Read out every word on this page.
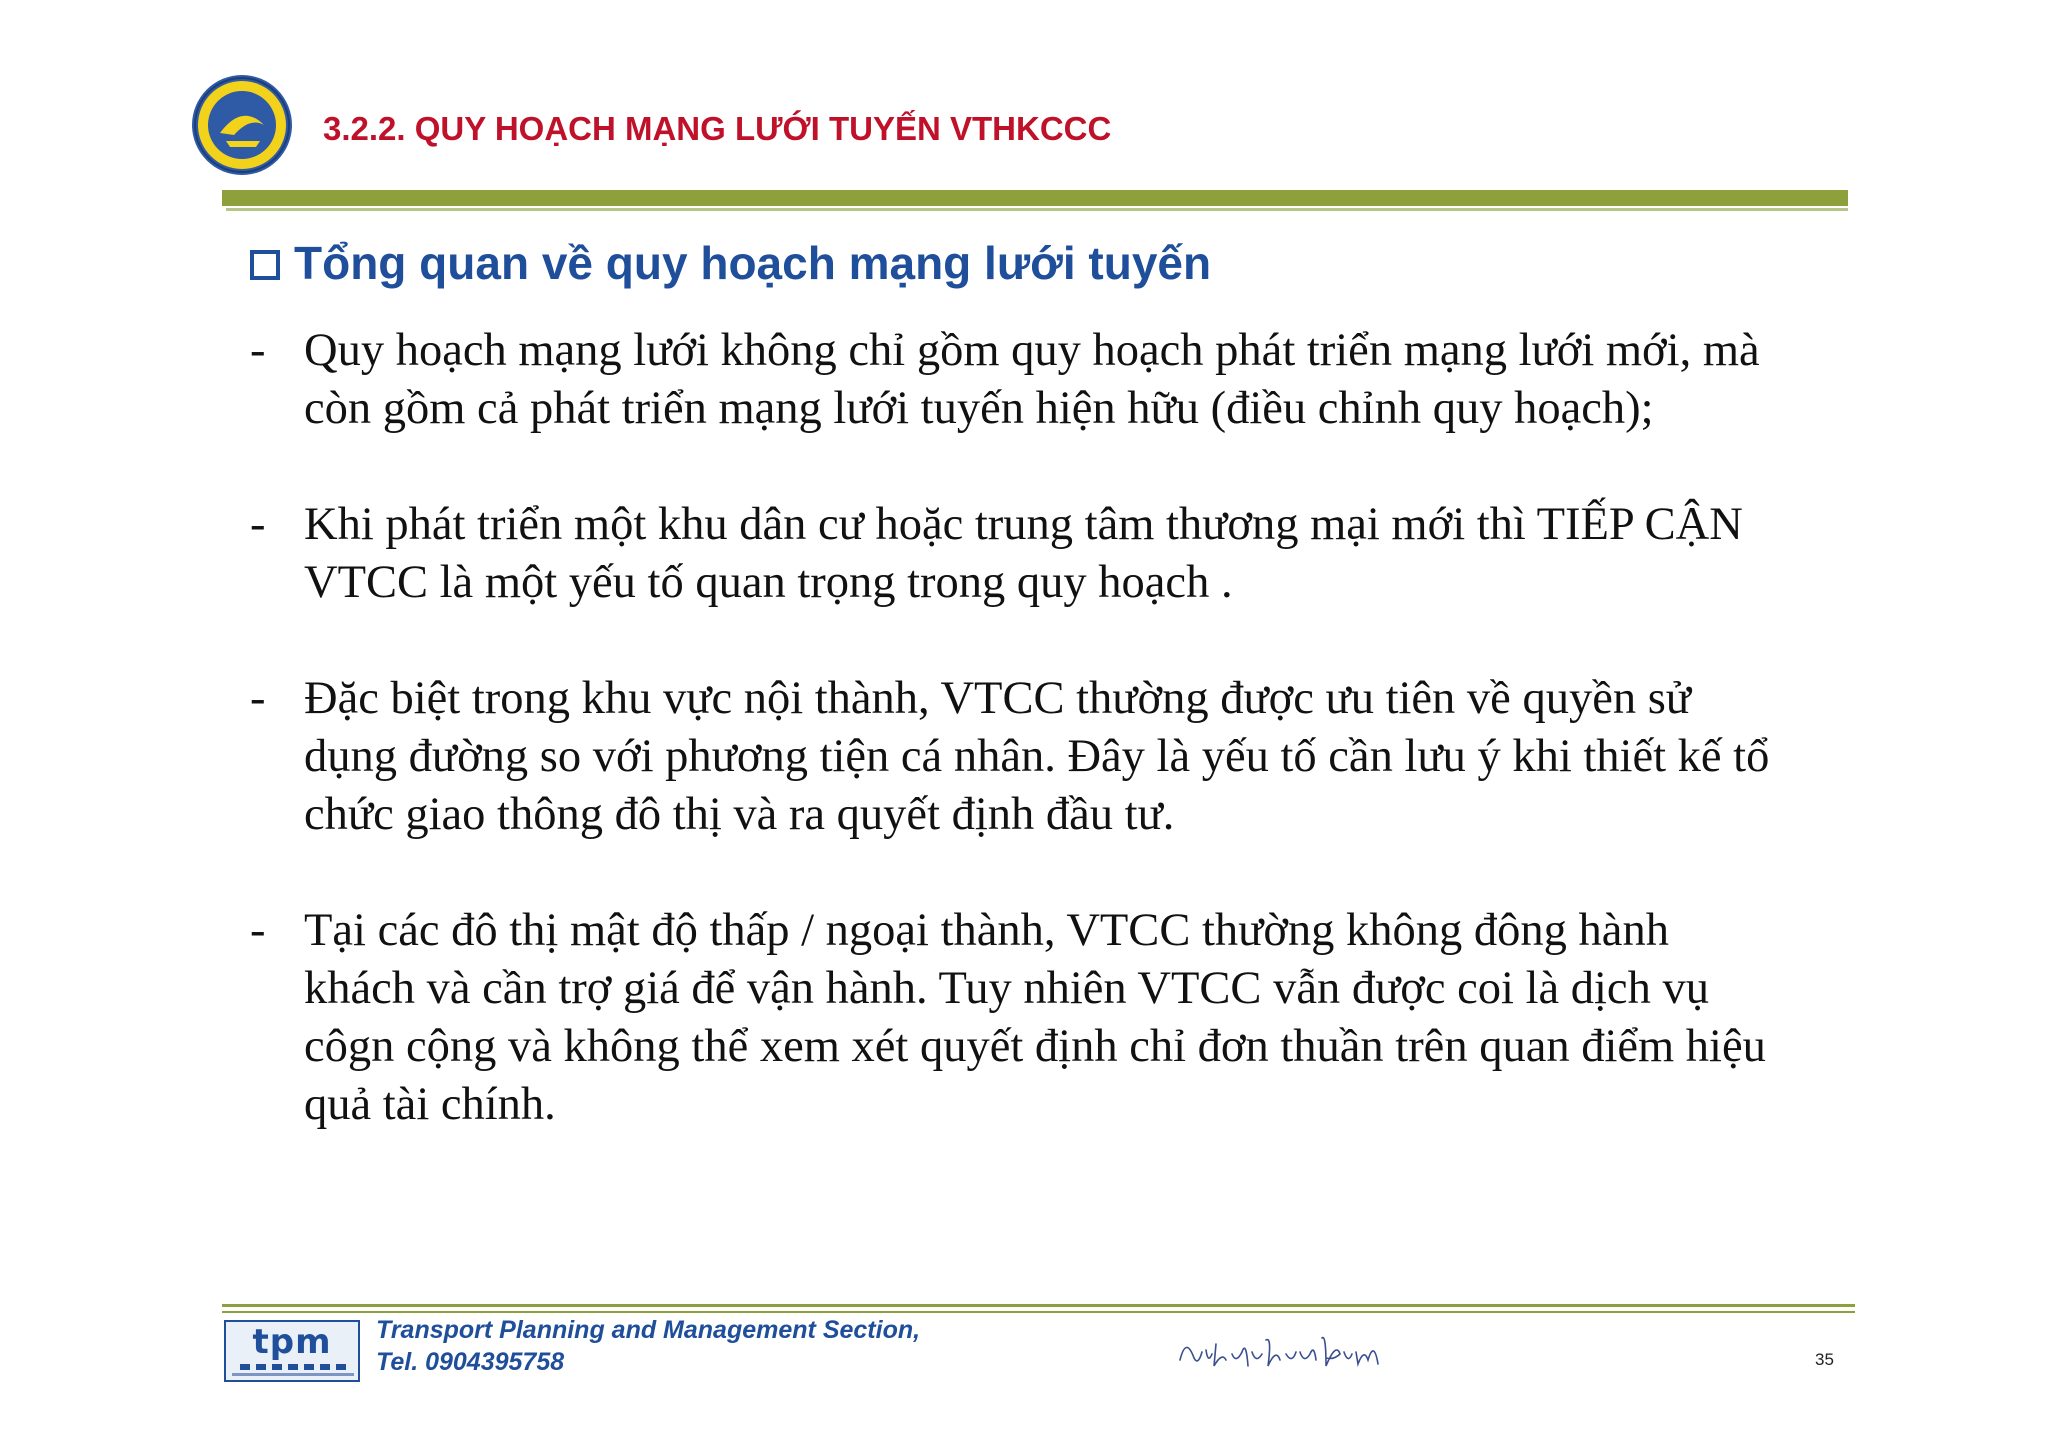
3.2.2. QUY HOẠCH MẠNG LƯỚI TUYẾN VTHKCCC
Tổng quan về quy hoạch mạng lưới tuyến
- Quy hoạch mạng lưới không chỉ gồm quy hoạch phát triển mạng lưới mới, mà
còn gồm cả phát triển mạng lưới tuyến hiện hữu (điều chỉnh quy hoạch);
- Khi phát triển một khu dân cư hoặc trung tâm thương mại mới thì TIẾP CẬN
VTCC là một yếu tố quan trọng trong quy hoạch .
- Đặc biệt trong khu vực nội thành, VTCC thường được ưu tiên về quyền sử
dụng đường so với phương tiện cá nhân. Đây là yếu tố cần lưu ý khi thiết kế tổ
chức giao thông đô thị và ra quyết định đầu tư.
- Tại các đô thị mật độ thấp / ngoại thành, VTCC thường không đông hành
khách và cần trợ giá để vận hành. Tuy nhiên VTCC vẫn được coi là dịch vụ
côgn cộng và không thể xem xét quyết định chỉ đơn thuần trên quan điểm hiệu
quả tài chính.
tpm	Transport Planning and Management Section,
Tel. 0904395758	35
